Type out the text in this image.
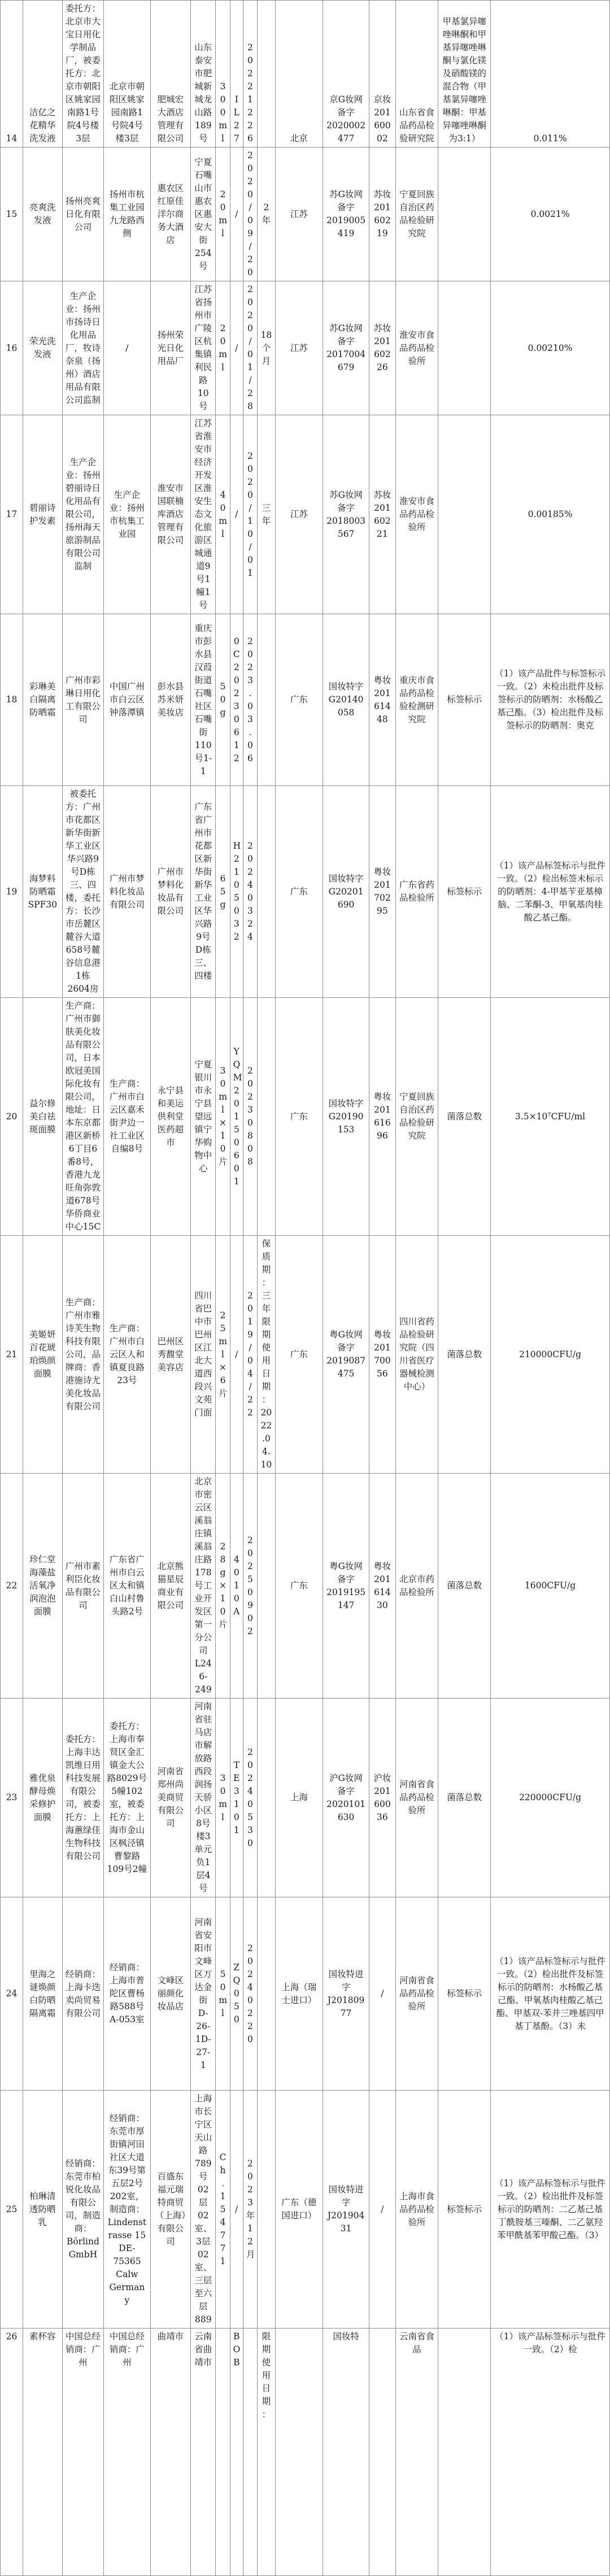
14	洁亿之花精华洗发液	委托方：北京市大宝日用化学制品厂，被委托方：北京市朝阳区姚家园南路1号院4号楼3层	北京市朝阳区姚家园南路1号院4号楼3层	肥城宏大酒店管理有限公司	山东泰安市肥城新城龙山路189号	300ml	IL27	20221226		北京	京G妆网备字2020002477	京妆20160002	山东省食品药品检验研究院	甲基氯异噻唑啉酮和甲基异噻唑啉酮与氯化镁及硝酸镁的混合物（甲基氯异噻唑啉酮：甲基异噻唑啉酮为3:1）	0.011%
15	亮爽洗发液	扬州亮爽日化有限公司	扬州市杭集工业园九龙路西侧	惠农区红原佳洋尔商务大酒店	宁夏石嘴山市惠农区惠安大街254号	20ml	/	2020/09/20	2年	江苏	苏G妆网备字2019005419	苏妆20160219	宁夏回族自治区药品检验研究院		0.0021%
16	荣光洗发液	生产企业：扬州市扬诗日化用品厂，牧诗奈泉（扬州）酒店用品有限公司监制	/	扬州荣光日化用品厂	江苏省扬州市广陵区杭集镇利民路10号	20ml	/	2020/01/28	18个月	江苏	苏G妆网备字2017004679	苏妆20160226	淮安市食品药品检验所		0.00210%
17	碧丽诗护发素	生产企业：扬州碧丽诗日化用品有限公司，扬州海天旅游制品有限公司监制	生产企业：扬州市杭集工业园	淮安市国联楠库酒店管理有限公司	江苏省淮安市经济开发区淮安生态文化旅游区城通道9号1幢1号	40ml	/	2020/10/01	三年	江苏	苏G妆网备字2018003567	苏妆20160221	淮安市食品药品检验所		0.00185%
18	彩琳美白隔离防晒霜	广州市彩琳日用化工有限公司	中国广州市白云区钟落潭镇	彭水县苏米妍美妆店	重庆市彭水县汉葭街道石嘴社区石嘴街110号1-1	50g	0C20230612	2023.03.06		广东	国妆特字G20140058	粤妆20161448	重庆市食品药品检验检测研究院	标签标示	（1）该产品批件与标签标示一致。（2）未检出批件及标签标示的防晒剂：水杨酸乙基己酯。（3）检出批件及标签标示的防晒剂：奥克
19	海梦料防晒霜SPF30	被委托方：广州市花都区新华街新华工业区华兴路9号D栋三、四楼，委托方：长沙市岳麓区麓谷大道658号麓谷信息港1栋2604房	广州市梦料化妆品有限公司	广州市梦料化妆品有限公司	广东省广州市花都区新华街新华工业区华兴路9号D栋三、四楼	65g	H2105032	20240324		广东	国妆特字G20201690	粤妆20170295	广东省药品检验所	标签标示	（1）该产品标签标示与批件一致。（2）检出标签未标示的防晒剂：4-甲基苄亚基樟脑、二苯酮-3、甲氧基肉桂酸乙基己酯。
20	益尔修美白祛斑面膜	生产商：广州市御肤美化妆品有限公司，日本欧冠美国际化妆有限公司，地址：日本东京都港区新桥6丁目6番8号，香港九龙旺角弥敦道678号华侨商业中心15C	生产商：广州市白云区嘉禾街尹边一社工业区自编8号	永宁县和美运供利堂医药超市	宁夏银川市永宁县望远镇宁华购物中心	30ml×10片	YQM20150601	20230808		广东	国妆特字G20190153	粤妆20161696	宁夏回族自治区药品检验研究院	菌落总数	3.5×10⁷CFU/ml
21	美姬妍百花琥珀焕颜面膜	生产商：广州市雅诗芙生物科技有限公司，品牌商：香港施诗尤美化妆品有限公司	生产商：广州市白云区人和镇夏良路23号	巴州区秀馥堂美容店	四川省巴中市巴州区江北大道西段兴文苑门面	25ml×6片	/	2019/04/22	保质期：三年 限期使用日期：2022.04.10	广东	粤G妆网备字2019087475	粤妆20170056	四川省药品检验研究院（四川省医疗器械检测中心）	菌落总数	210000CFU/g
22	珍仁堂海藻盐活氧净润泡泡面膜	广州市素利臣化妆品有限公司	广东省广州市白云区太和镇白山村鲁头路2号	北京熊猫星辰商业有限公司	北京市密云区溪翁庄镇溪翁庄路178号工业开发区第一分公司L246-249	28g×10片	4010A	20250902		广东	粤G妆网备字2019195147	粤妆20161430	北京市药品检验所	菌落总数	1600CFU/g
23	雅优泉酵母焕采修护面膜	委托方：上海丰达凯维日用科技发展有限公司，被委托方：上海蕙绿佳生物科技有限公司	委托方：上海市奉贤区金汇镇金大公路8029号5幢102室，被委托方：上海市金山区枫泾镇曹黎路109号2幢	河南省郑州尚美商贸有限公司	河南省驻马店市解放路西段润扬天骄小区8号楼3单元负1层4号	30ml	TE3101	20240530		上海	沪G妆网备字2020101630	沪妆20160036	河南省食品药品检验所	菌落总数	220000CFU/g
24	里海之谜焕颜白防晒隔离霜	经销商：上海卡迭卖尚贸易有限公司	经销商：上海市普陀区曹杨路588号A-053室	文峰区丽颜化妆品店	河南省安阳市文峰区万达金街D-26-1D-27-1	50ml	ZQ050	20240220		上海（瑞士进口）	国妆特进字J20180977	/	河南省食品药品检验所	标签标示	（1）该产品标签标示与批件一致。（2）检出批件及标签标示的防晒剂：水杨酸乙基己酯、甲氧基肉桂酸乙基己酯、甲基双-苯并三唑基四甲基丁基酚。（3）未
25	柏琳清透防晒乳	经销商：东莞市柏锐化妆品有限公司，制造商：Börlind GmbH	经销商：东莞市厚街镇河田社区大道东39号第五层2号202室，制造商：Lindenstrasse 15 DE-75365 Calw Germany	百盛东福元瑞特商贸（上海）有限公司	上海市长宁区天山路789号02层02室、3层02室、三层至六层889	Ch.154771	/	2023年12月		广东（德国进口）	国妆特进字J20190431	/	上海市食品药品检验所	标签标示	（1）该产品标签标示与批件一致。（2）检出批件及标签标示的防晒剂：二乙基己基丁酰胺基三嗪酮、二乙氨羟苯甲酰基苯甲酸己酯。（3）
26	素杯容	中国总经销商：广州	中国总经销商：广州	曲靖市	云南省曲靖市		BOB		限期使用日期：		国妆特		云南省食品		（1）该产品标签标示与批件一致。（2）检
